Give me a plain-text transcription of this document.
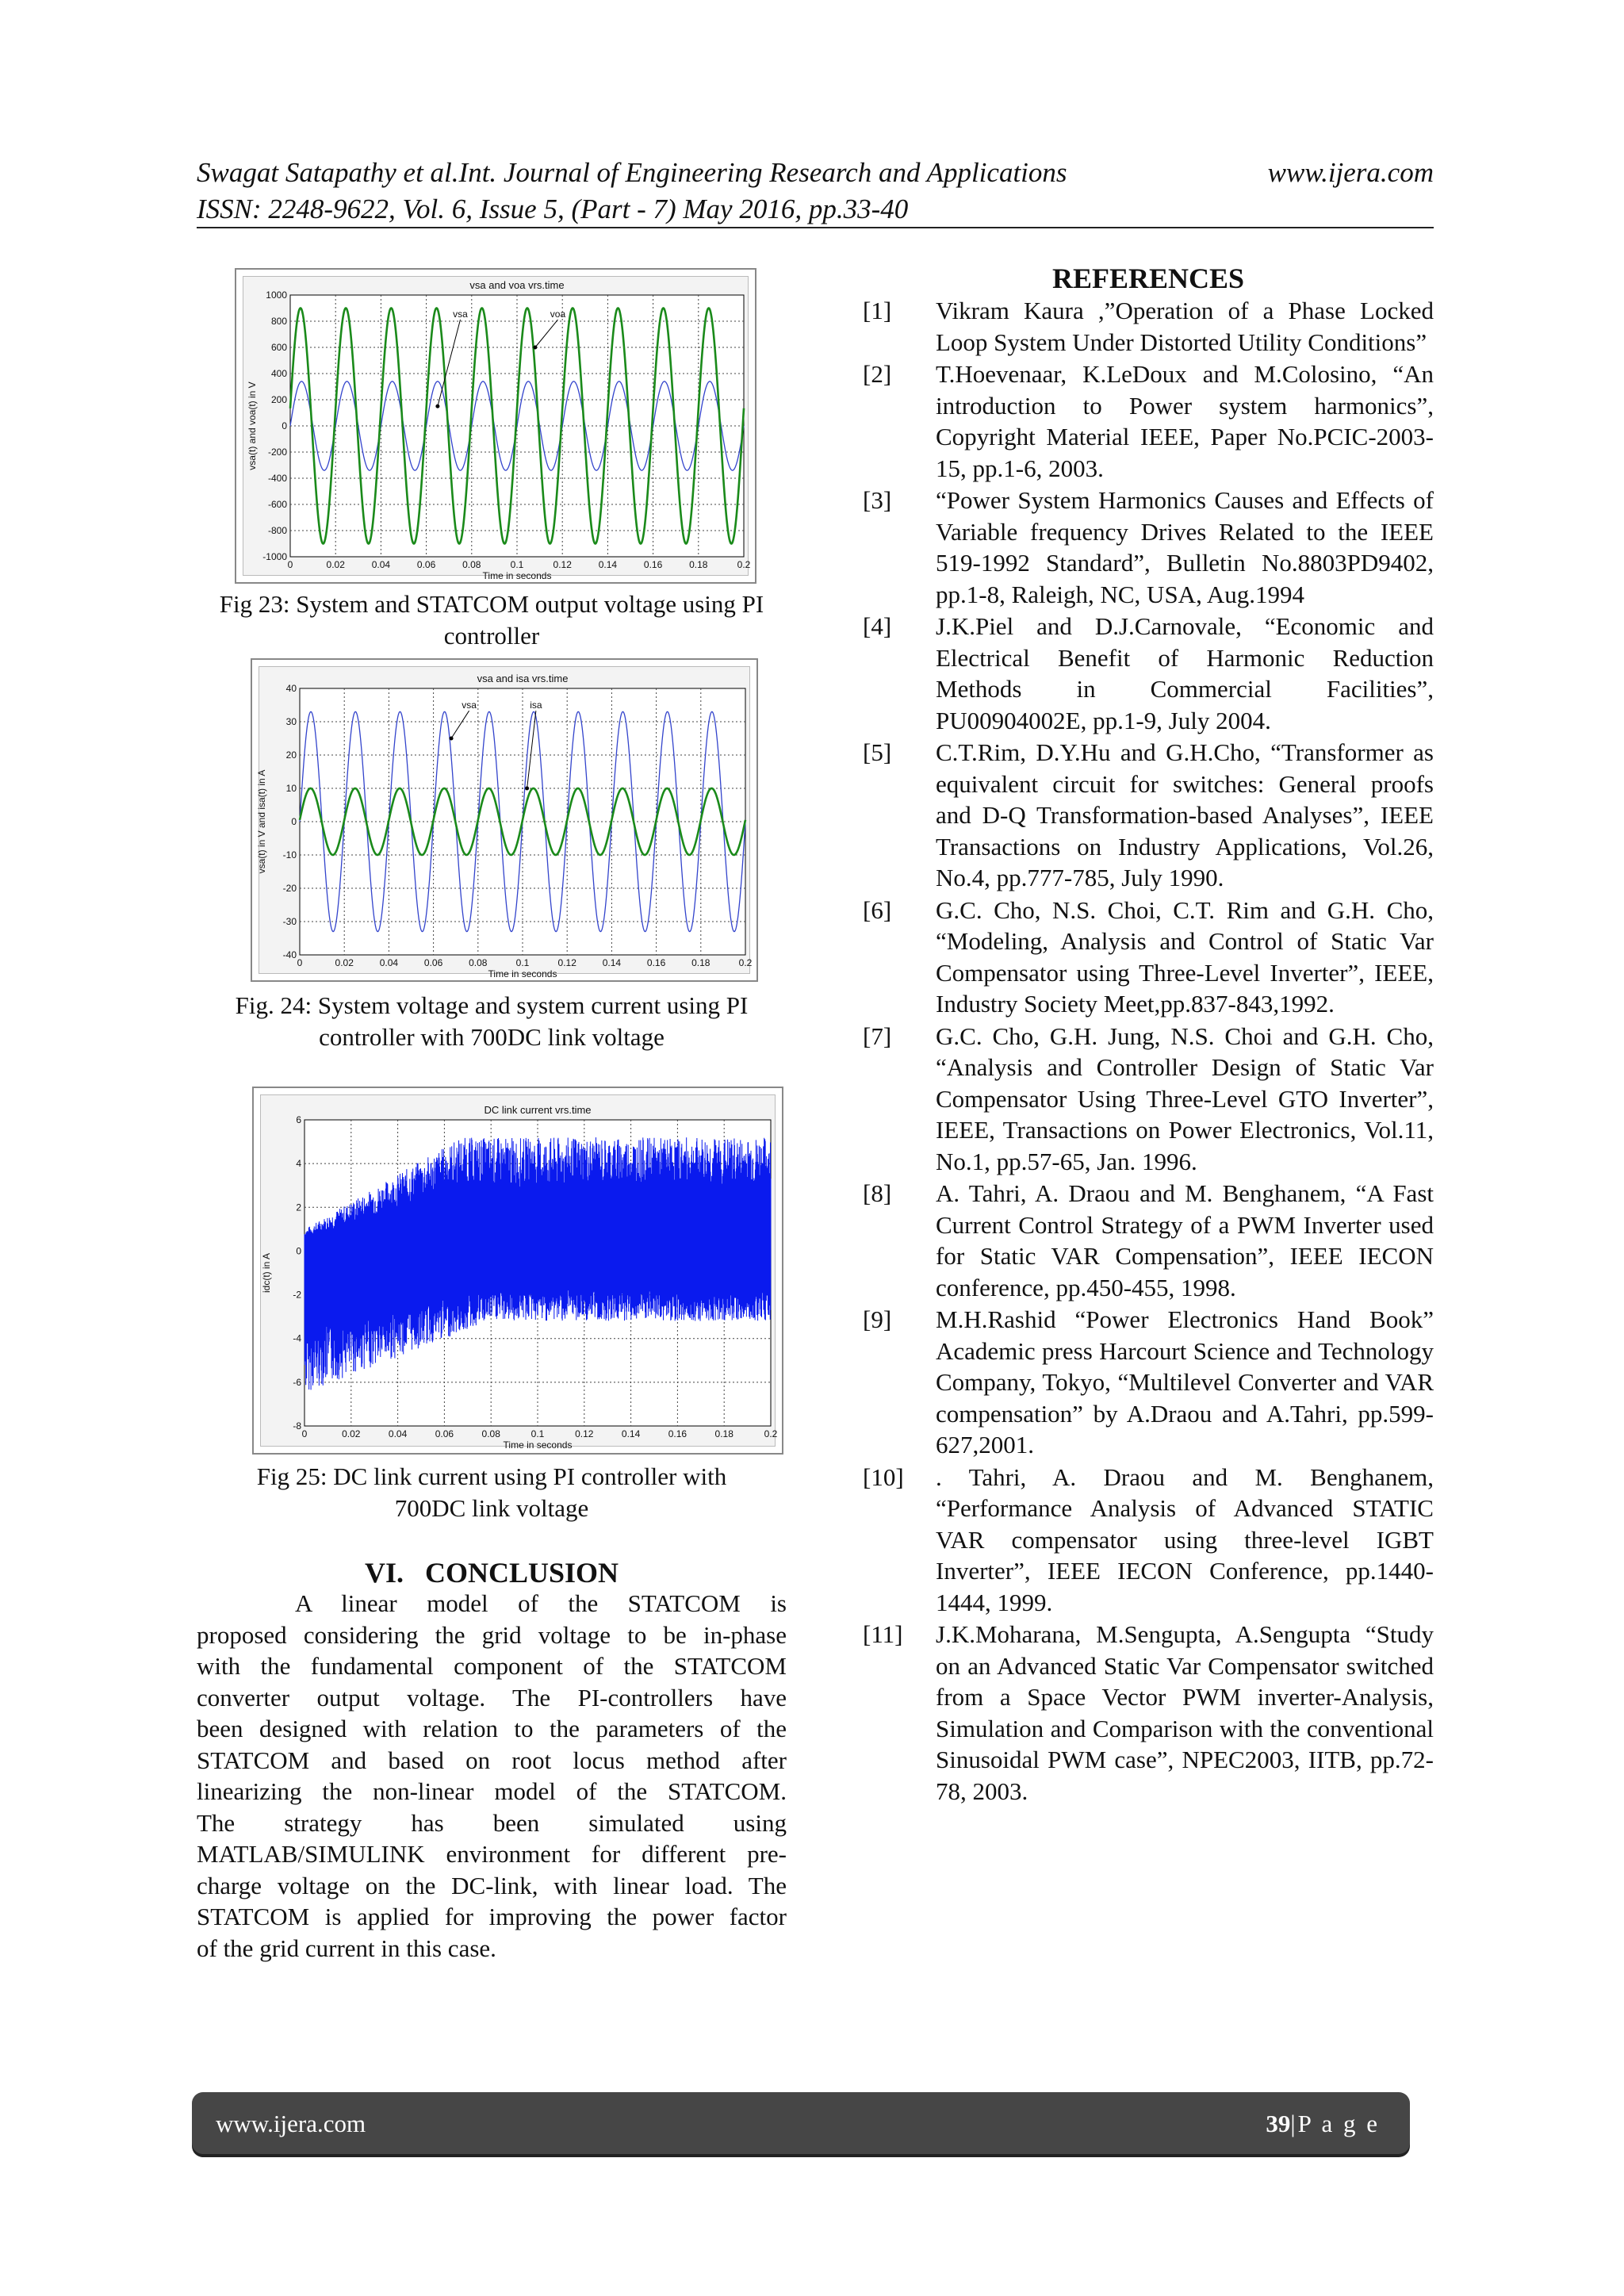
Swagat Satapathy et al.Int. Journal of Engineering Research and Applications	www.ijera.com
ISSN: 2248-9622, Vol. 6, Issue 5, (Part - 7) May 2016, pp.33-40
0	0.02	0.04	0.06	0.08	0.1	0.12	0.14	0.16	0.18	0.2
1000
800
600
400
200
0
-200
-400
-600
-800
-1000
vsa	voa
vsa and voa vrs.time
Time in seconds
vsa(t) and voa(t) in V
Fig 23: System and STATCOM output voltage using PI controller
0	0.02	0.04	0.06	0.08	0.1	0.12	0.14	0.16	0.18	0.2
40
30
20
10
0
-10
-20
-30
-40
vsa	isa
vsa and isa vrs.time
Time in seconds
vsa(t) in V and isa(t) in A
Fig. 24: System voltage and system current using PI controller with 700DC link voltage
0	0.02	0.04	0.06	0.08	0.1	0.12	0.14	0.16	0.18	0.2
6
4
2
0
-2
-4
-6
-8
DC link current vrs.time
Time in seconds
idc(t) in A
Fig 25: DC link current using PI controller with 700DC link voltage
VI.   CONCLUSION
A linear model of the STATCOM is
proposed considering the grid voltage to be in-phase
with the fundamental component of the STATCOM
converter output voltage. The PI-controllers have
been designed with relation to the parameters of the
STATCOM and based on root locus method after
linearizing the non-linear model of the STATCOM.
The strategy has been simulated using
MATLAB/SIMULINK environment for different pre-
charge voltage on the DC-link, with linear load. The
STATCOM is applied for improving the power factor
of the grid current in this case.
REFERENCES
[1]	Vikram Kaura ,”Operation of a Phase Locked Loop System Under Distorted Utility Conditions”
[2]	T.Hoevenaar, K.LeDoux and M.Colosino, “An introduction to Power system harmonics”, Copyright Material IEEE, Paper No.PCIC-2003-15, pp.1-6, 2003.
[3]	“Power System Harmonics Causes and Effects of Variable frequency Drives Related to the IEEE 519-1992 Standard”, Bulletin No.8803PD9402, pp.1-8, Raleigh, NC, USA, Aug.1994
[4]	J.K.Piel and D.J.Carnovale, “Economic and Electrical Benefit of Harmonic Reduction Methods in Commercial Facilities”, PU00904002E, pp.1-9, July 2004.
[5]	C.T.Rim, D.Y.Hu and G.H.Cho, “Transformer as equivalent circuit for switches: General proofs and D-Q Transformation-based Analyses”, IEEE Transactions on Industry Applications, Vol.26, No.4, pp.777-785, July 1990.
[6]	G.C. Cho, N.S. Choi, C.T. Rim and G.H. Cho, “Modeling, Analysis and Control of Static Var Compensator using Three-Level Inverter”, IEEE, Industry Society Meet,pp.837-843,1992.
[7]	G.C. Cho, G.H. Jung, N.S. Choi and G.H. Cho, “Analysis and Controller Design of Static Var Compensator Using Three-Level GTO Inverter”, IEEE, Transactions on Power Electronics, Vol.11, No.1, pp.57-65, Jan. 1996.
[8]	A. Tahri, A. Draou and M. Benghanem, “A Fast Current Control Strategy of a PWM Inverter used for Static VAR Compensation”, IEEE IECON conference, pp.450-455, 1998.
[9]	M.H.Rashid “Power Electronics Hand Book” Academic press Harcourt Science and Technology Company, Tokyo, “Multilevel Converter and VAR compensation” by A.Draou and A.Tahri, pp.599-627,2001.
[10]	. Tahri, A. Draou and M. Benghanem, “Performance Analysis of Advanced STATIC VAR compensator using three-level IGBT Inverter”, IEEE IECON Conference, pp.1440-1444, 1999.
[11]	J.K.Moharana, M.Sengupta, A.Sengupta “Study on an Advanced Static Var Compensator switched from a Space Vector PWM inverter-Analysis, Simulation and Comparison with the conventional Sinusoidal PWM case”, NPEC2003, IITB, pp.72-78, 2003.
www.ijera.com	39|P a g e
